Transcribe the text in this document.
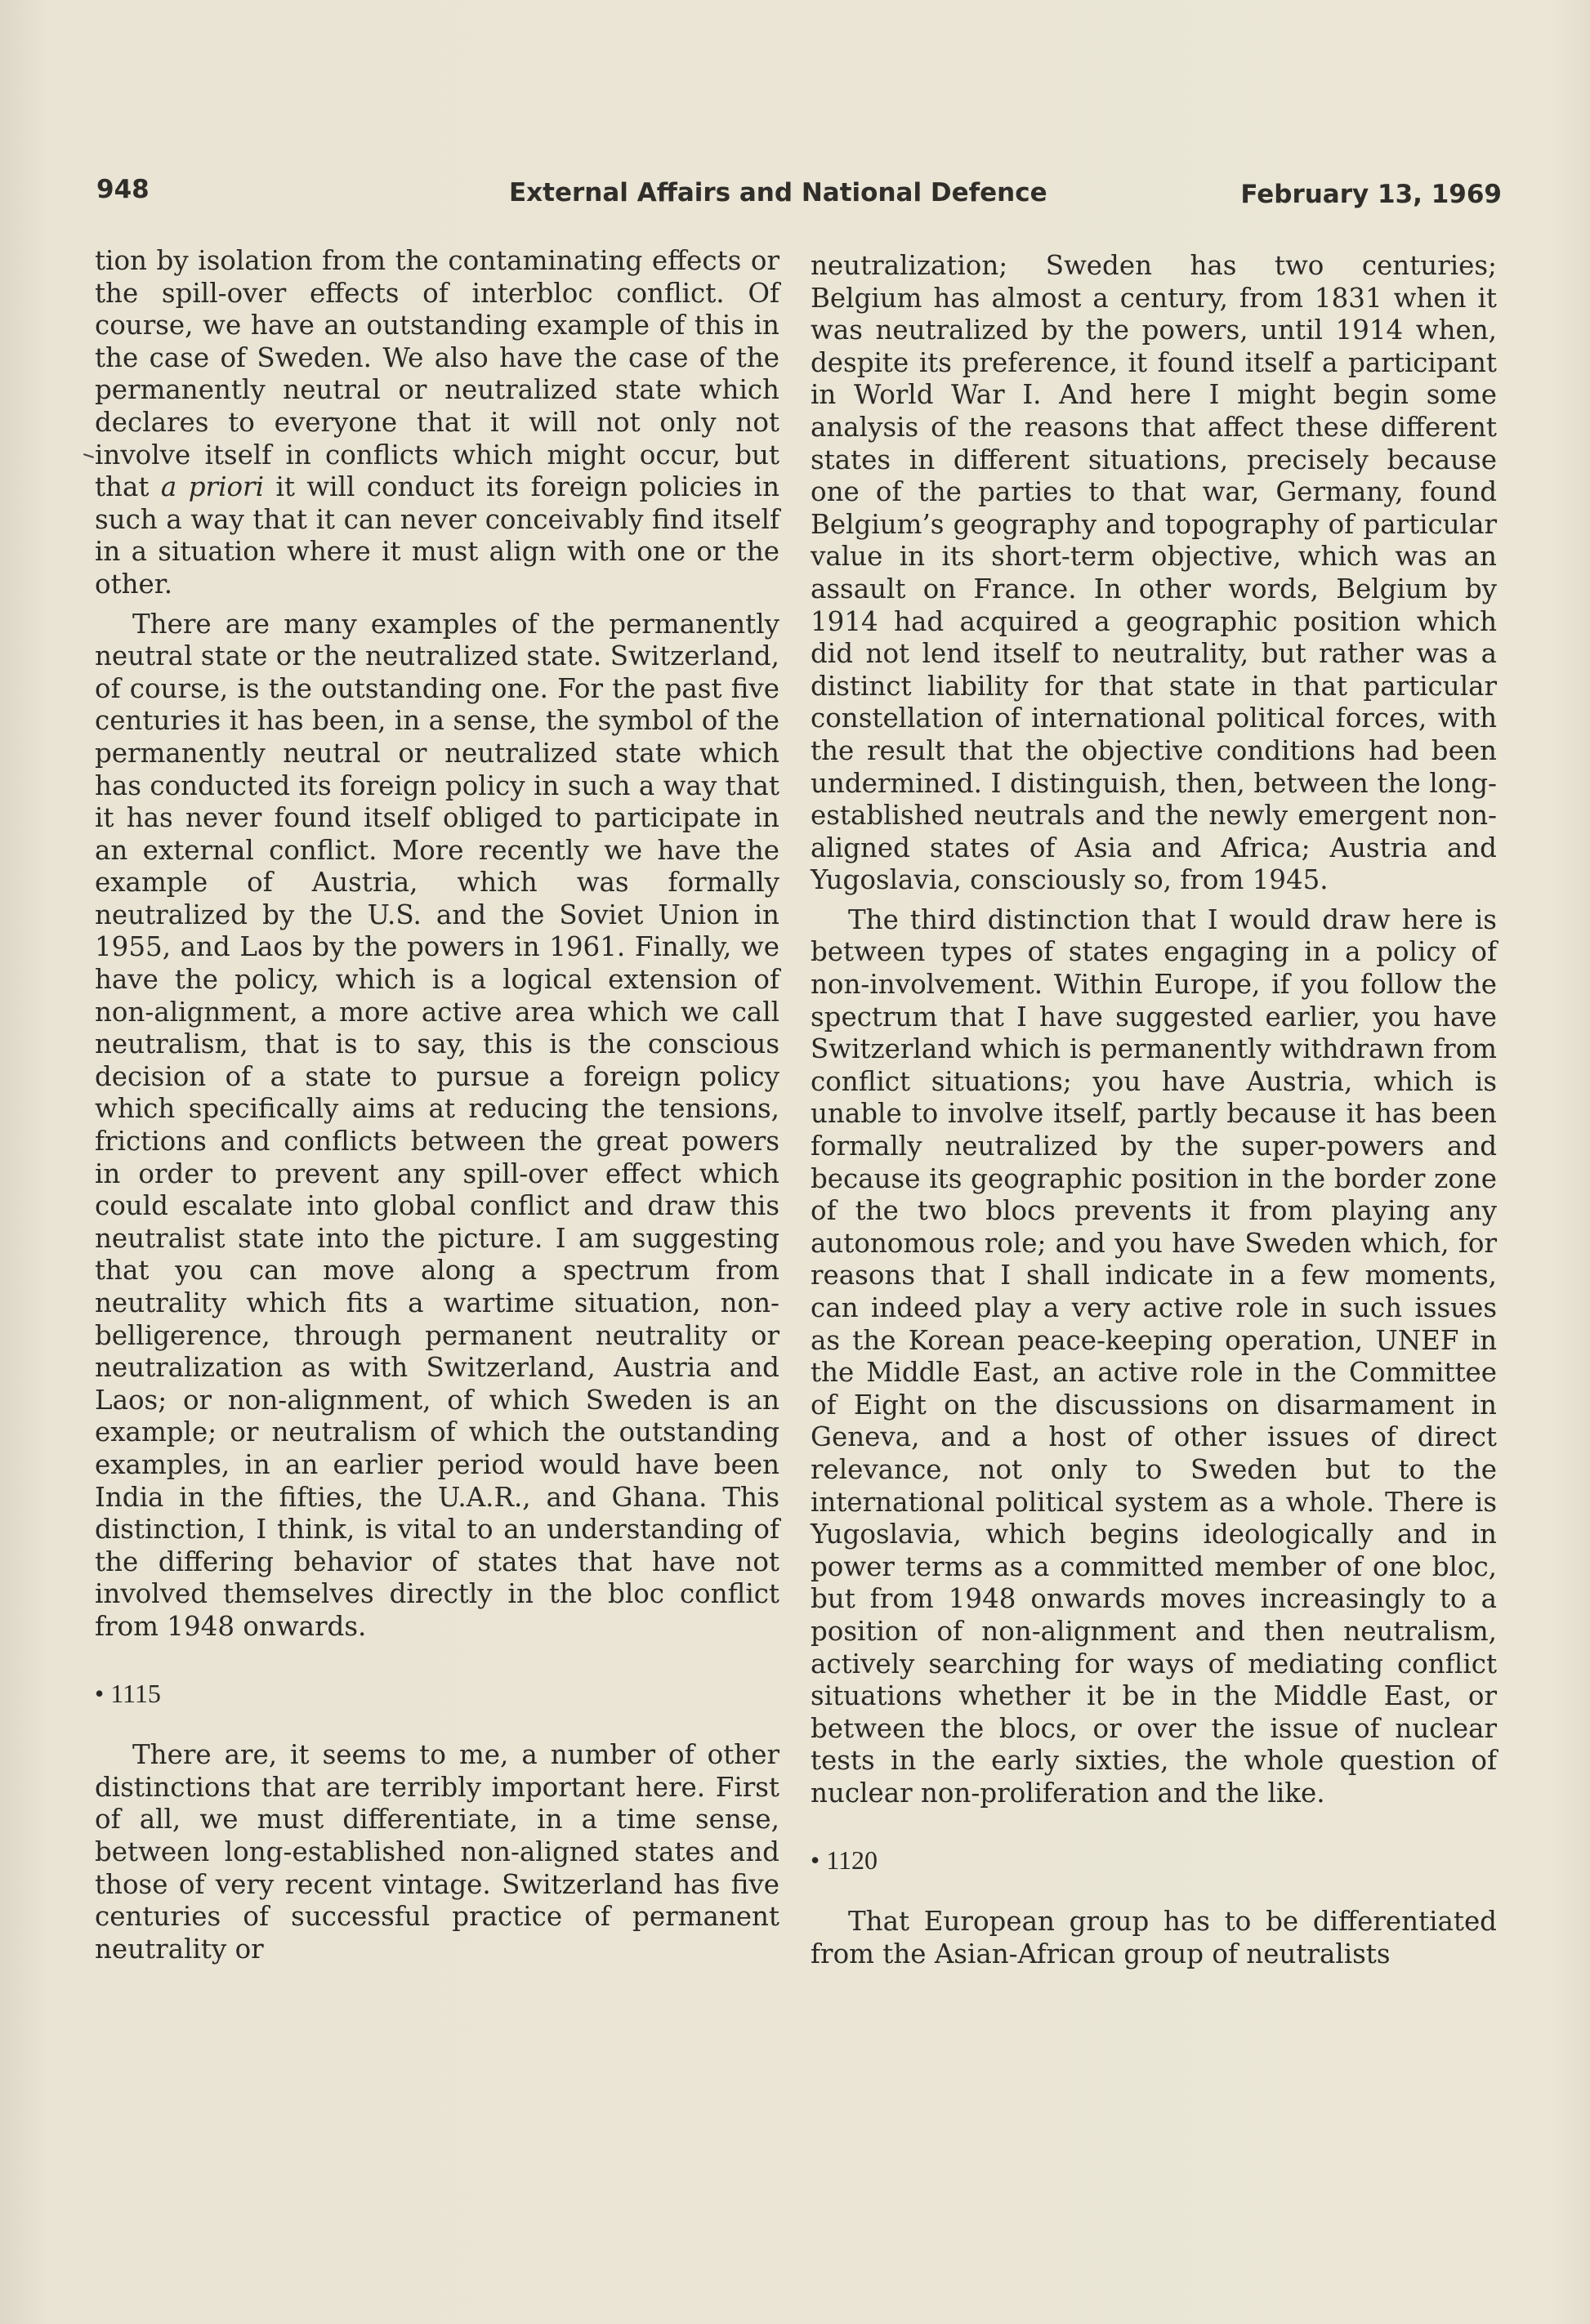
948	External Affairs and National Defence	February 13, 1969

tion by isolation from the contaminating effects or the spill-over effects of interbloc conflict. Of course, we have an outstanding example of this in the case of Sweden. We also have the case of the permanently neutral or neutralized state which declares to everyone that it will not only not involve itself in conflicts which might occur, but that a priori it will conduct its foreign policies in such a way that it can never conceivably find itself in a situation where it must align with one or the other.

There are many examples of the permanently neutral state or the neutralized state. Switzerland, of course, is the outstanding one. For the past five centuries it has been, in a sense, the symbol of the permanently neutral or neutralized state which has conducted its foreign policy in such a way that it has never found itself obliged to participate in an external conflict. More recently we have the example of Austria, which was formally neutralized by the U.S. and the Soviet Union in 1955, and Laos by the powers in 1961. Finally, we have the policy, which is a logical extension of non-alignment, a more active area which we call neutralism, that is to say, this is the conscious decision of a state to pursue a foreign policy which specifically aims at reducing the tensions, frictions and conflicts between the great powers in order to prevent any spill-over effect which could escalate into global conflict and draw this neutralist state into the picture. I am suggesting that you can move along a spectrum from neutrality which fits a wartime situation, non-belligerence, through permanent neutrality or neutralization as with Switzerland, Austria and Laos; or non-alignment, of which Sweden is an example; or neutralism of which the outstanding examples, in an earlier period would have been India in the fifties, the U.A.R., and Ghana. This distinction, I think, is vital to an understanding of the differing behavior of states that have not involved themselves directly in the bloc conflict from 1948 onwards.

• 1115

There are, it seems to me, a number of other distinctions that are terribly important here. First of all, we must differentiate, in a time sense, between long-established non-aligned states and those of very recent vintage. Switzerland has five centuries of successful practice of permanent neutrality or

neutralization; Sweden has two centuries; Belgium has almost a century, from 1831 when it was neutralized by the powers, until 1914 when, despite its preference, it found itself a participant in World War I. And here I might begin some analysis of the reasons that affect these different states in different situations, precisely because one of the parties to that war, Germany, found Belgium’s geography and topography of particular value in its short-term objective, which was an assault on France. In other words, Belgium by 1914 had acquired a geographic position which did not lend itself to neutrality, but rather was a distinct liability for that state in that particular constellation of international political forces, with the result that the objective conditions had been undermined. I distinguish, then, between the long-established neutrals and the newly emergent non-aligned states of Asia and Africa; Austria and Yugoslavia, consciously so, from 1945.

The third distinction that I would draw here is between types of states engaging in a policy of non-involvement. Within Europe, if you follow the spectrum that I have suggested earlier, you have Switzerland which is permanently withdrawn from conflict situations; you have Austria, which is unable to involve itself, partly because it has been formally neutralized by the super-powers and because its geographic position in the border zone of the two blocs prevents it from playing any autonomous role; and you have Sweden which, for reasons that I shall indicate in a few moments, can indeed play a very active role in such issues as the Korean peace-keeping operation, UNEF in the Middle East, an active role in the Committee of Eight on the discussions on disarmament in Geneva, and a host of other issues of direct relevance, not only to Sweden but to the international political system as a whole. There is Yugoslavia, which begins ideologically and in power terms as a committed member of one bloc, but from 1948 onwards moves increasingly to a position of non-alignment and then neutralism, actively searching for ways of mediating conflict situations whether it be in the Middle East, or between the blocs, or over the issue of nuclear tests in the early sixties, the whole question of nuclear non-proliferation and the like.

• 1120

That European group has to be differentiated from the Asian-African group of neutralists
